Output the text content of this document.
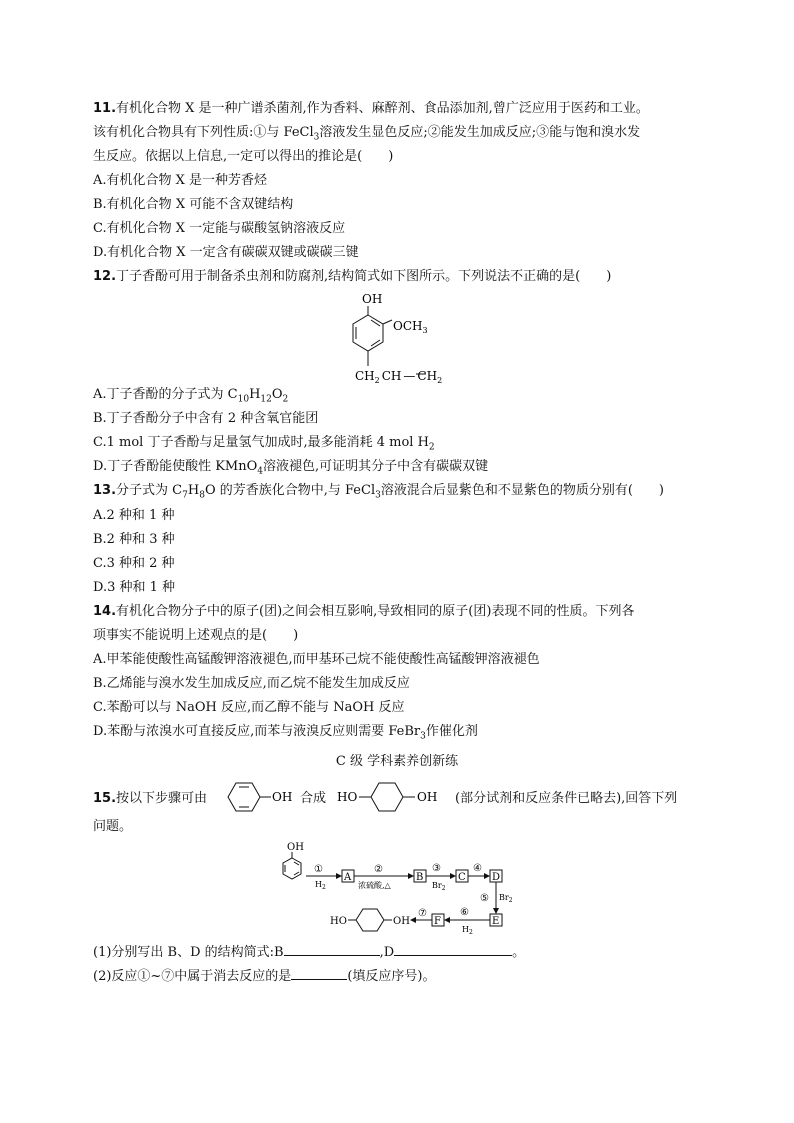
11.有机化合物 X 是一种广谱杀菌剂,作为香料、麻醉剂、食品添加剂,曾广泛应用于医药和工业。
该有机化合物具有下列性质:①与 FeCl$_3$溶液发生显色反应;②能发生加成反应;③能与饱和溴水发
生反应。依据以上信息,一定可以得出的推论是(　　)
A.有机化合物 X 是一种芳香烃
B.有机化合物 X 可能不含双键结构
C.有机化合物 X 一定能与碳酸氢钠溶液反应
D.有机化合物 X 一定含有碳碳双键或碳碳三键
12.丁子香酚可用于制备杀虫剂和防腐剂,结构简式如下图所示。下列说法不正确的是(　　)
OH
$OCH_3$
$CH_2$ CH — $CH_2$
A.丁子香酚的分子式为 $C_{10}H_{12}O_2$
B.丁子香酚分子中含有 2 种含氧官能团
C.1 mol 丁子香酚与足量氢气加成时,最多能消耗 4 mol $H_2$
D.丁子香酚能使酸性 KMnO$_4$溶液褪色,可证明其分子中含有碳碳双键
13.分子式为 $C_7H_8O$ 的芳香族化合物中,与 FeCl$_3$溶液混合后显紫色和不显紫色的物质分别有(　　)
A.2 种和 1 种
B.2 种和 3 种
C.3 种和 2 种
D.3 种和 1 种
14.有机化合物分子中的原子(团)之间会相互影响,导致相同的原子(团)表现不同的性质。下列各
项事实不能说明上述观点的是(　　)
A.甲苯能使酸性高锰酸钾溶液褪色,而甲基环己烷不能使酸性高锰酸钾溶液褪色
B.乙烯能与溴水发生加成反应,而乙烷不能发生加成反应
C.苯酚可以与 NaOH 反应,而乙醇不能与 NaOH 反应
D.苯酚与浓溴水可直接反应,而苯与液溴反应则需要 FeBr$_3$作催化剂
C 级 学科素养创新练
15.按以下步骤可由	OH 合成 HO	OH (部分试剂和反应条件已略去),回答下列
问题。
OH
①
$H_2$
A
②
浓硫酸,△
B
③
$Br_2$
C
④
D
⑤ $Br_2$
E
⑥
$H_2$
F
⑦
HO	OH
(1)分别写出 B、D 的结构简式:B	,D	。
(2)反应①~⑦中属于消去反应的是	(填反应序号)。
